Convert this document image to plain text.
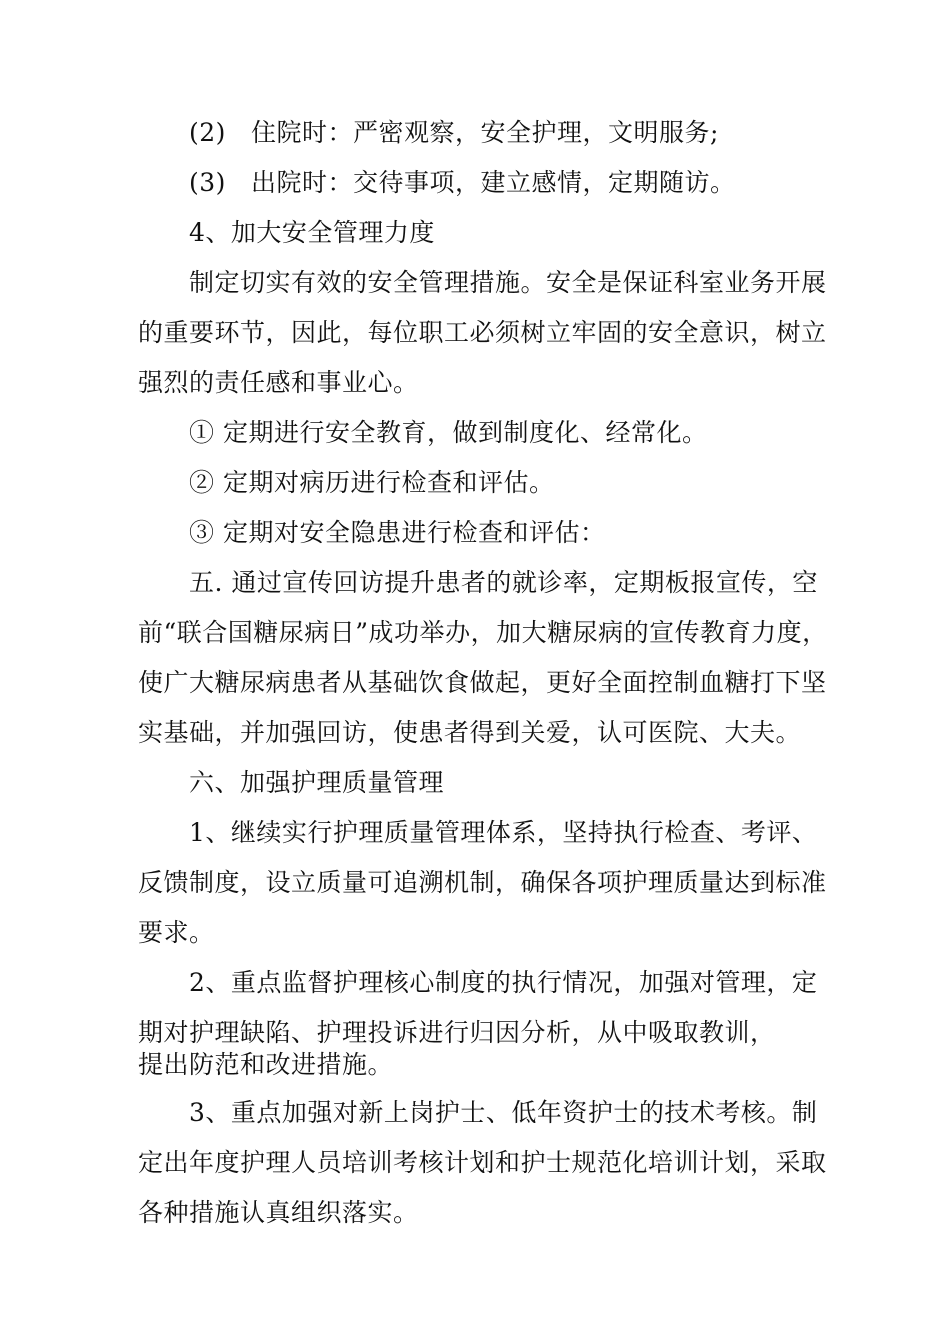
(2) 住院时：严密观察，安全护理，文明服务;
(3) 出院时：交待事项，建立感情，定期随访。
4、加大安全管理力度
制定切实有效的安全管理措施。安全是保证科室业务开展
的重要环节，因此，每位职工必须树立牢固的安全意识，树立
强烈的责任感和事业心。
① 定期进行安全教育，做到制度化、经常化。
② 定期对病历进行检查和评估。
③ 定期对安全隐患进行检查和评估：
五. 通过宣传回访提升患者的就诊率，定期板报宣传，空
前“联合国糖尿病日”成功举办，加大糖尿病的宣传教育力度，
使广大糖尿病患者从基础饮食做起，更好全面控制血糖打下坚
实基础，并加强回访，使患者得到关爱，认可医院、大夫。
六、加强护理质量管理
1、继续实行护理质量管理体系，坚持执行检查、考评、
反馈制度，设立质量可追溯机制，确保各项护理质量达到标准
要求。
2、重点监督护理核心制度的执行情况，加强对管理，定
期对护理缺陷、护理投诉进行归因分析，从中吸取教训，
提出防范和改进措施。
3、重点加强对新上岗护士、低年资护士的技术考核。制
定出年度护理人员培训考核计划和护士规范化培训计划，采取
各种措施认真组织落实。
